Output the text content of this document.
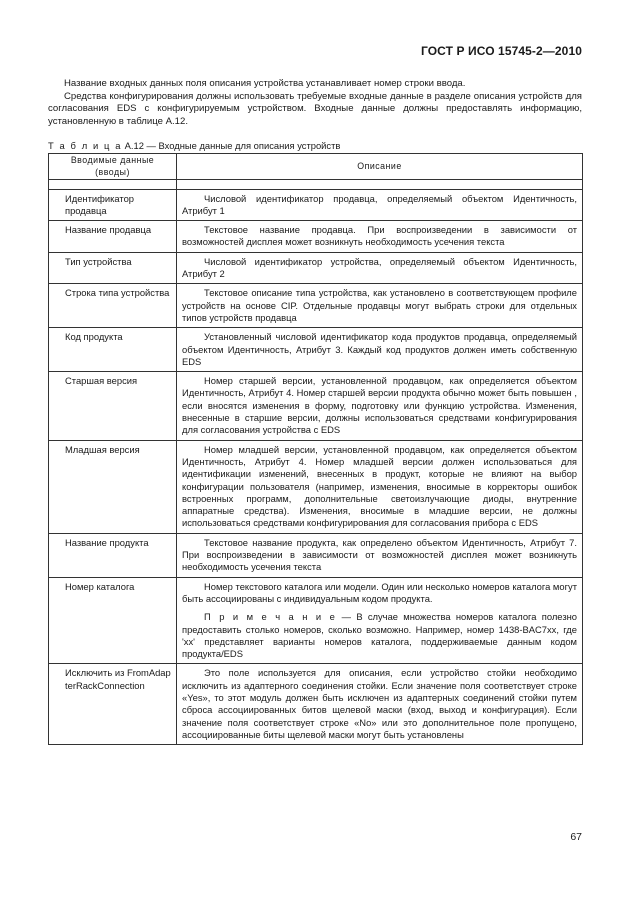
ГОСТ Р ИСО 15745-2—2010

Название входных данных поля описания устройства устанавливает номер строки ввода.

Средства конфигурирования должны использовать требуемые входные данные в разделе описания устройств для согласования EDS с конфигурируемым устройством. Входные данные должны предоставлять информацию, установленную в таблице А.12.

Т а б л и ц а А.12 — Входные данные для описания устройств
Вводимые данные (вводы)	Описание

Идентификатор продавца	Числовой идентификатор продавца, определяемый объектом Идентичность, Атрибут 1

Название продавца	Текстовое название продавца. При воспроизведении в зависимости от возможностей дисплея может возникнуть необходимость усечения текста

Тип устройства	Числовой идентификатор устройства, определяемый объектом Идентичность, Атрибут 2

Строка типа устройства	Текстовое описание типа устройства, как установлено в соответствующем профиле устройств на основе CIP. Отдельные продавцы могут выбрать строки для отдельных типов устройств продавца

Код продукта	Установленный числовой идентификатор кода продуктов продавца, определяемый объектом Идентичность, Атрибут 3. Каждый код продуктов должен иметь собственную EDS

Старшая версия	Номер старшей версии, установленной продавцом, как определяется объектом Идентичность, Атрибут 4. Номер старшей версии продукта обычно может быть повышен , если вносятся изменения в форму, подготовку или функцию устройства. Изменения, внесенные в старшие версии, должны использоваться средствами конфигурирования для согласования устройства с EDS

Младшая версия	Номер младшей версии, установленной продавцом, как определяется объектом Идентичность, Атрибут 4. Номер младшей версии должен использоваться для идентификации изменений, внесенных в продукт, которые не влияют на выбор конфигурации пользователя (например, изменения, вносимые в корректоры ошибок встроенных программ, дополнительные светоизлучающие диоды, внутренние аппаратные средства). Изменения, вносимые в младшие версии, не должны использоваться средствами конфигурирования для согласования прибора с EDS

Название продукта	Текстовое название продукта, как определено объектом Идентичность, Атрибут 7. При воспроизведении в зависимости от возможностей дисплея может возникнуть необходимость усечения текста

Номер каталога	Номер текстового каталога или модели. Один или несколько номеров каталога могут быть ассоциированы с индивидуальным кодом продукта.

П р и м е ч а н и е — В случае множества номеров каталога полезно предоставить столько номеров, сколько возможно. Например, номер 1438-BAC7xx, где 'xx' представляет варианты номеров каталога, поддерживаемые данным кодом продукта/EDS

Исключить из FromAdapterRackConnection	Это поле используется для описания, если устройство стойки необходимо исключить из адаптерного соединения стойки. Если значение поля соответствует строке «Yes», то этот модуль должен быть исключен из адаптерных соединений стойки путем сброса ассоциированных битов щелевой маски (вход, выход и конфигурация). Если значение поля соответствует строке «No» или это дополнительное поле пропущено, ассоциированные биты щелевой маски могут быть установлены
67
